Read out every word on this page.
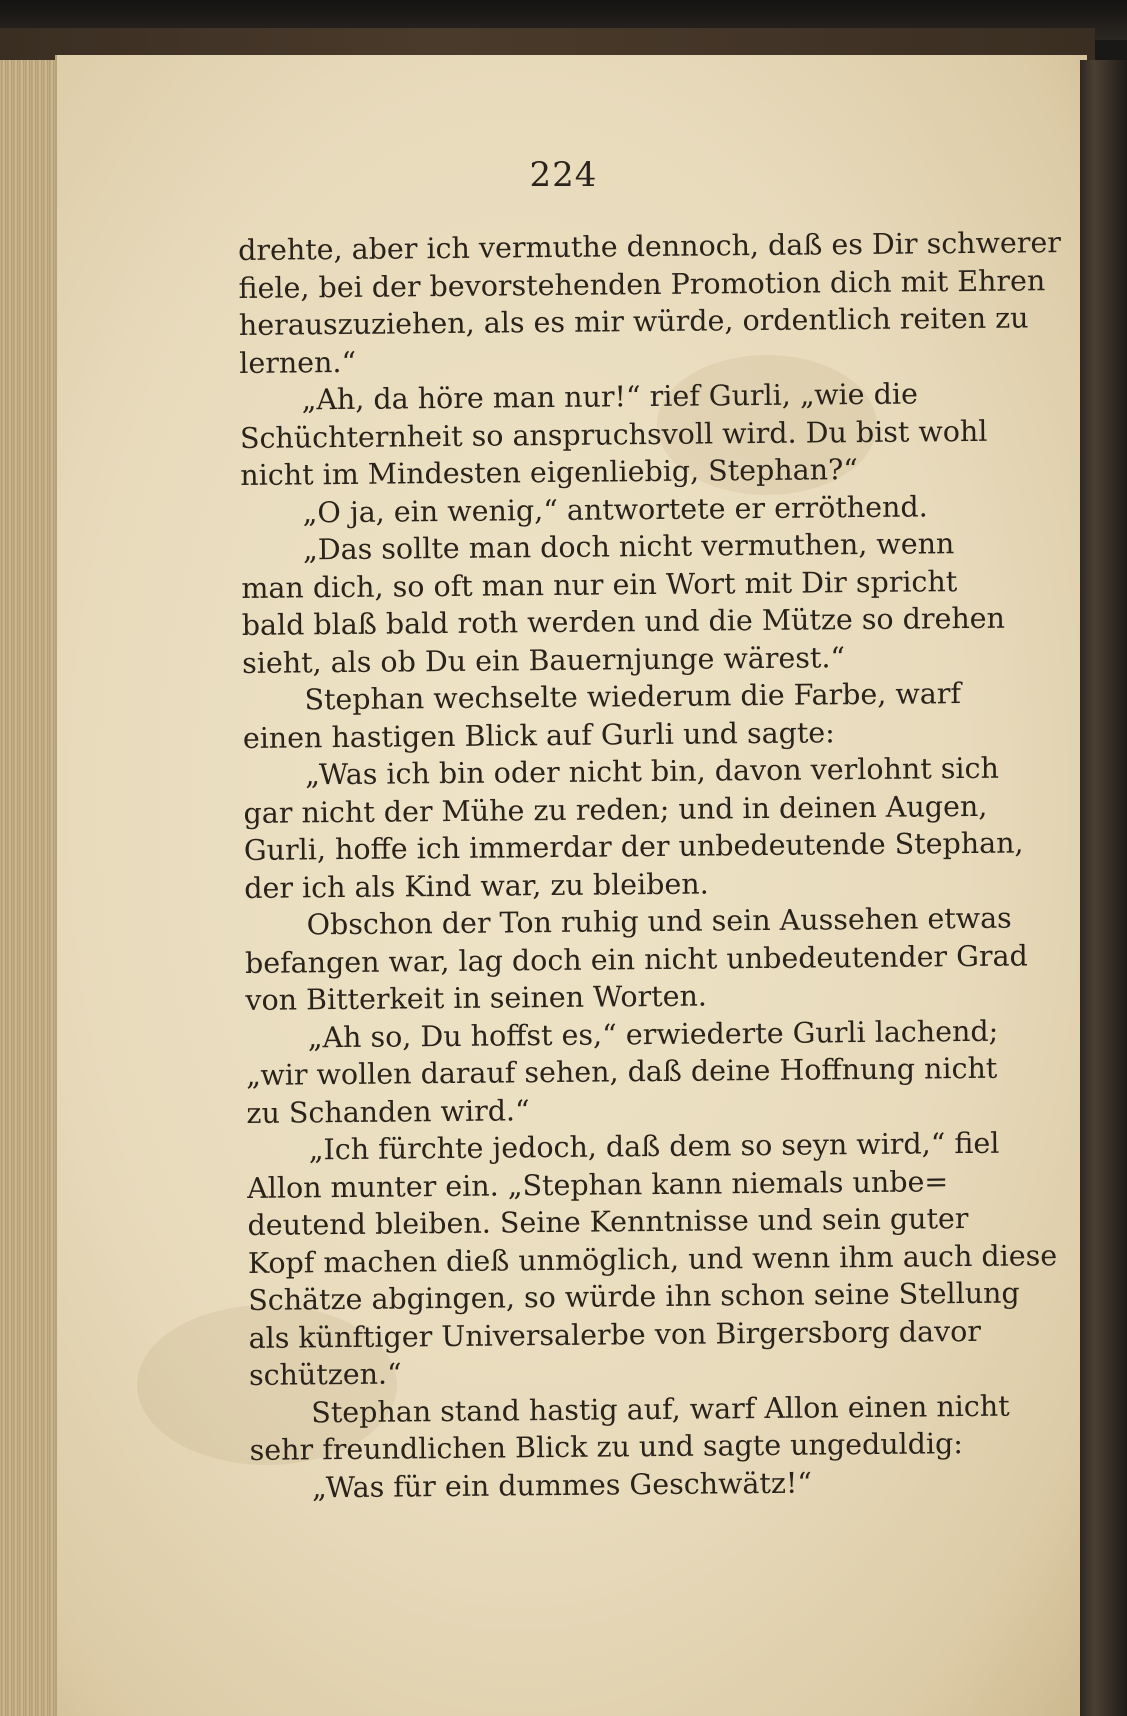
224
drehte, aber ich vermuthe dennoch, daß es Dir schwerer
fiele, bei der bevorstehenden Promotion dich mit Ehren
herauszuziehen, als es mir würde, ordentlich reiten zu
lernen.“
„Ah, da höre man nur!“ rief Gurli, „wie die
Schüchternheit so anspruchsvoll wird. Du bist wohl
nicht im Mindesten eigenliebig, Stephan?“
„O ja, ein wenig,“ antwortete er erröthend.
„Das sollte man doch nicht vermuthen, wenn
man dich, so oft man nur ein Wort mit Dir spricht
bald blaß bald roth werden und die Mütze so drehen
sieht, als ob Du ein Bauernjunge wärest.“
Stephan wechselte wiederum die Farbe, warf
einen hastigen Blick auf Gurli und sagte:
„Was ich bin oder nicht bin, davon verlohnt sich
gar nicht der Mühe zu reden; und in deinen Augen,
Gurli, hoffe ich immerdar der unbedeutende Stephan,
der ich als Kind war, zu bleiben.
Obschon der Ton ruhig und sein Aussehen etwas
befangen war, lag doch ein nicht unbedeutender Grad
von Bitterkeit in seinen Worten.
„Ah so, Du hoffst es,“ erwiederte Gurli lachend;
„wir wollen darauf sehen, daß deine Hoffnung nicht
zu Schanden wird.“
„Ich fürchte jedoch, daß dem so seyn wird,“ fiel
Allon munter ein. „Stephan kann niemals unbe=
deutend bleiben. Seine Kenntnisse und sein guter
Kopf machen dieß unmöglich, und wenn ihm auch diese
Schätze abgingen, so würde ihn schon seine Stellung
als künftiger Universalerbe von Birgersborg davor
schützen.“
Stephan stand hastig auf, warf Allon einen nicht
sehr freundlichen Blick zu und sagte ungeduldig:
„Was für ein dummes Geschwätz!“
